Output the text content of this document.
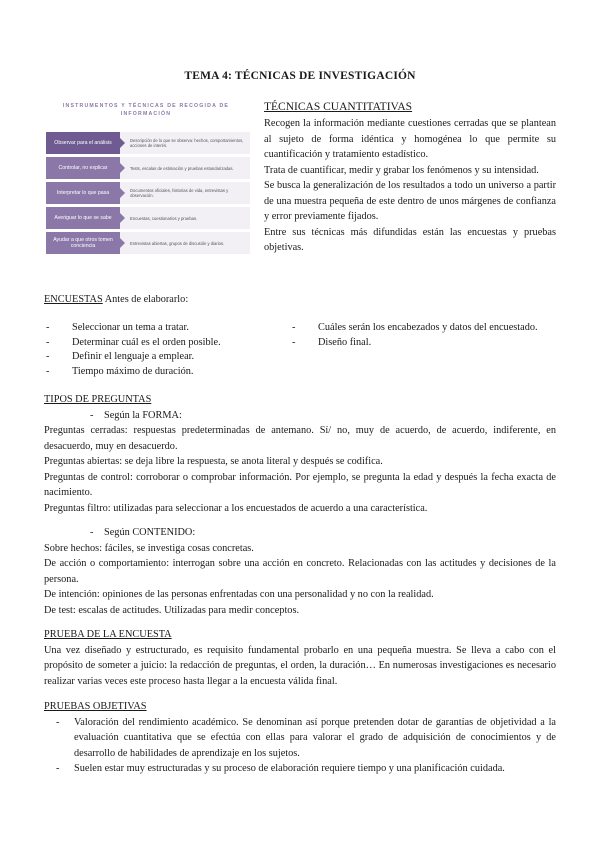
TEMA 4: TÉCNICAS DE INVESTIGACIÓN
INSTRUMENTOS Y TÉCNICAS DE RECOGIDA DE INFORMACIÓN
Observar para el análisis	Descripción de lo que se observa: hechos, comportamientos, acciones de interés.
Controlar, no explicar	Tests, escalas de estimación y pruebas estandarizadas.
Interpretar lo que pasa	Documentos oficiales, historias de vida, entrevistas y observación.
Averiguar lo que se sabe	Encuestas, cuestionarios y pruebas.
Ayudar a que otros tomen conciencia	Entrevistas abiertas, grupos de discusión y diarios.
TÉCNICAS CUANTITATIVAS

Recogen la información mediante cuestiones cerradas que se plantean al sujeto de forma idéntica y homogénea lo que permite su cuantificación y tratamiento estadístico.

Trata de cuantificar, medir y grabar los fenómenos y su intensidad.

Se busca la generalización de los resultados a todo un universo a partir de una muestra pequeña de este dentro de unos márgenes de confianza y error previamente fijados.

Entre sus técnicas más difundidas están las encuestas y pruebas objetivas.

ENCUESTAS Antes de elaborarlo:
- Seleccionar un tema a tratar.
- Determinar cuál es el orden posible.
- Definir el lenguaje a emplear.
- Tiempo máximo de duración.
- Cuáles serán los encabezados y datos del encuestado.
- Diseño final.
TIPOS DE PREGUNTAS
- Según la FORMA:

Preguntas cerradas: respuestas predeterminadas de antemano. Sí/ no, muy de acuerdo, de acuerdo, indiferente, en desacuerdo, muy en desacuerdo.

Preguntas abiertas: se deja libre la respuesta, se anota literal y después se codifica.

Preguntas de control: corroborar o comprobar información. Por ejemplo, se pregunta la edad y después la fecha exacta de nacimiento.

Preguntas filtro: utilizadas para seleccionar a los encuestados de acuerdo a una característica.

- Según CONTENIDO:

Sobre hechos: fáciles, se investiga cosas concretas.

De acción o comportamiento: interrogan sobre una acción en concreto. Relacionadas con las actitudes y decisiones de la persona.

De intención: opiniones de las personas enfrentadas con una personalidad y no con la realidad.

De test: escalas de actitudes. Utilizadas para medir conceptos.

PRUEBA DE LA ENCUESTA

Una vez diseñado y estructurado, es requisito fundamental probarlo en una pequeña muestra. Se lleva a cabo con el propósito de someter a juicio: la redacción de preguntas, el orden, la duración… En numerosas investigaciones es necesario realizar varias veces este proceso hasta llegar a la encuesta válida final.

PRUEBAS OBJETIVAS
- Valoración del rendimiento académico. Se denominan así porque pretenden dotar de garantías de objetividad a la evaluación cuantitativa que se efectúa con ellas para valorar el grado de adquisición de conocimientos y de desarrollo de habilidades de aprendizaje en los sujetos.
- Suelen estar muy estructuradas y su proceso de elaboración requiere tiempo y una planificación cuidada.
